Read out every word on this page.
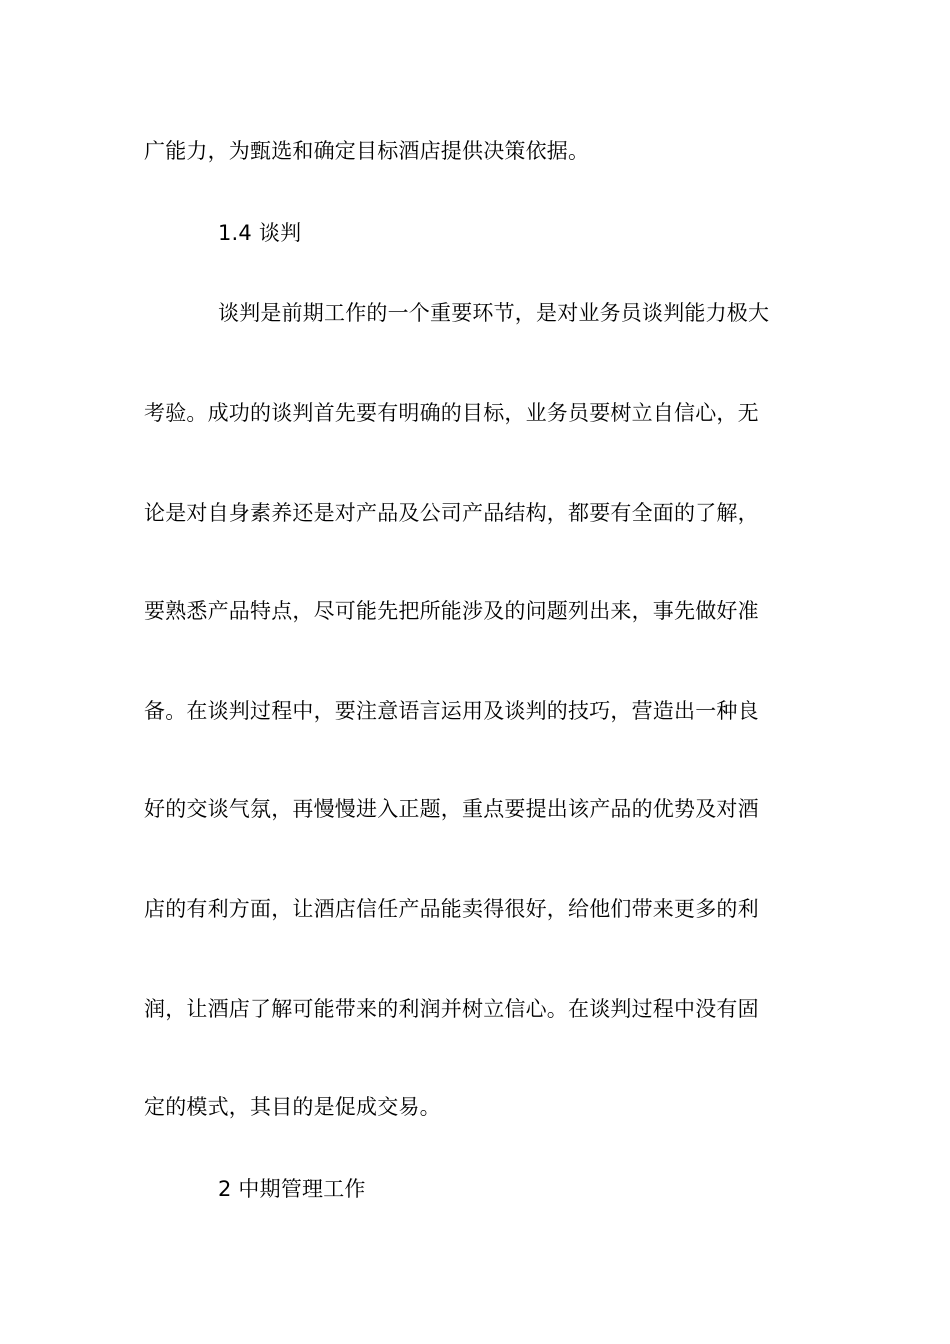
广能力，为甄选和确定目标酒店提供决策依据。
1.4 谈判
谈判是前期工作的一个重要环节，是对业务员谈判能力极大
考验。成功的谈判首先要有明确的目标，业务员要树立自信心，无
论是对自身素养还是对产品及公司产品结构，都要有全面的了解，
要熟悉产品特点，尽可能先把所能涉及的问题列出来，事先做好准
备。在谈判过程中，要注意语言运用及谈判的技巧，营造出一种良
好的交谈气氛，再慢慢进入正题，重点要提出该产品的优势及对酒
店的有利方面，让酒店信任产品能卖得很好，给他们带来更多的利
润，让酒店了解可能带来的利润并树立信心。在谈判过程中没有固
定的模式，其目的是促成交易。
2 中期管理工作
